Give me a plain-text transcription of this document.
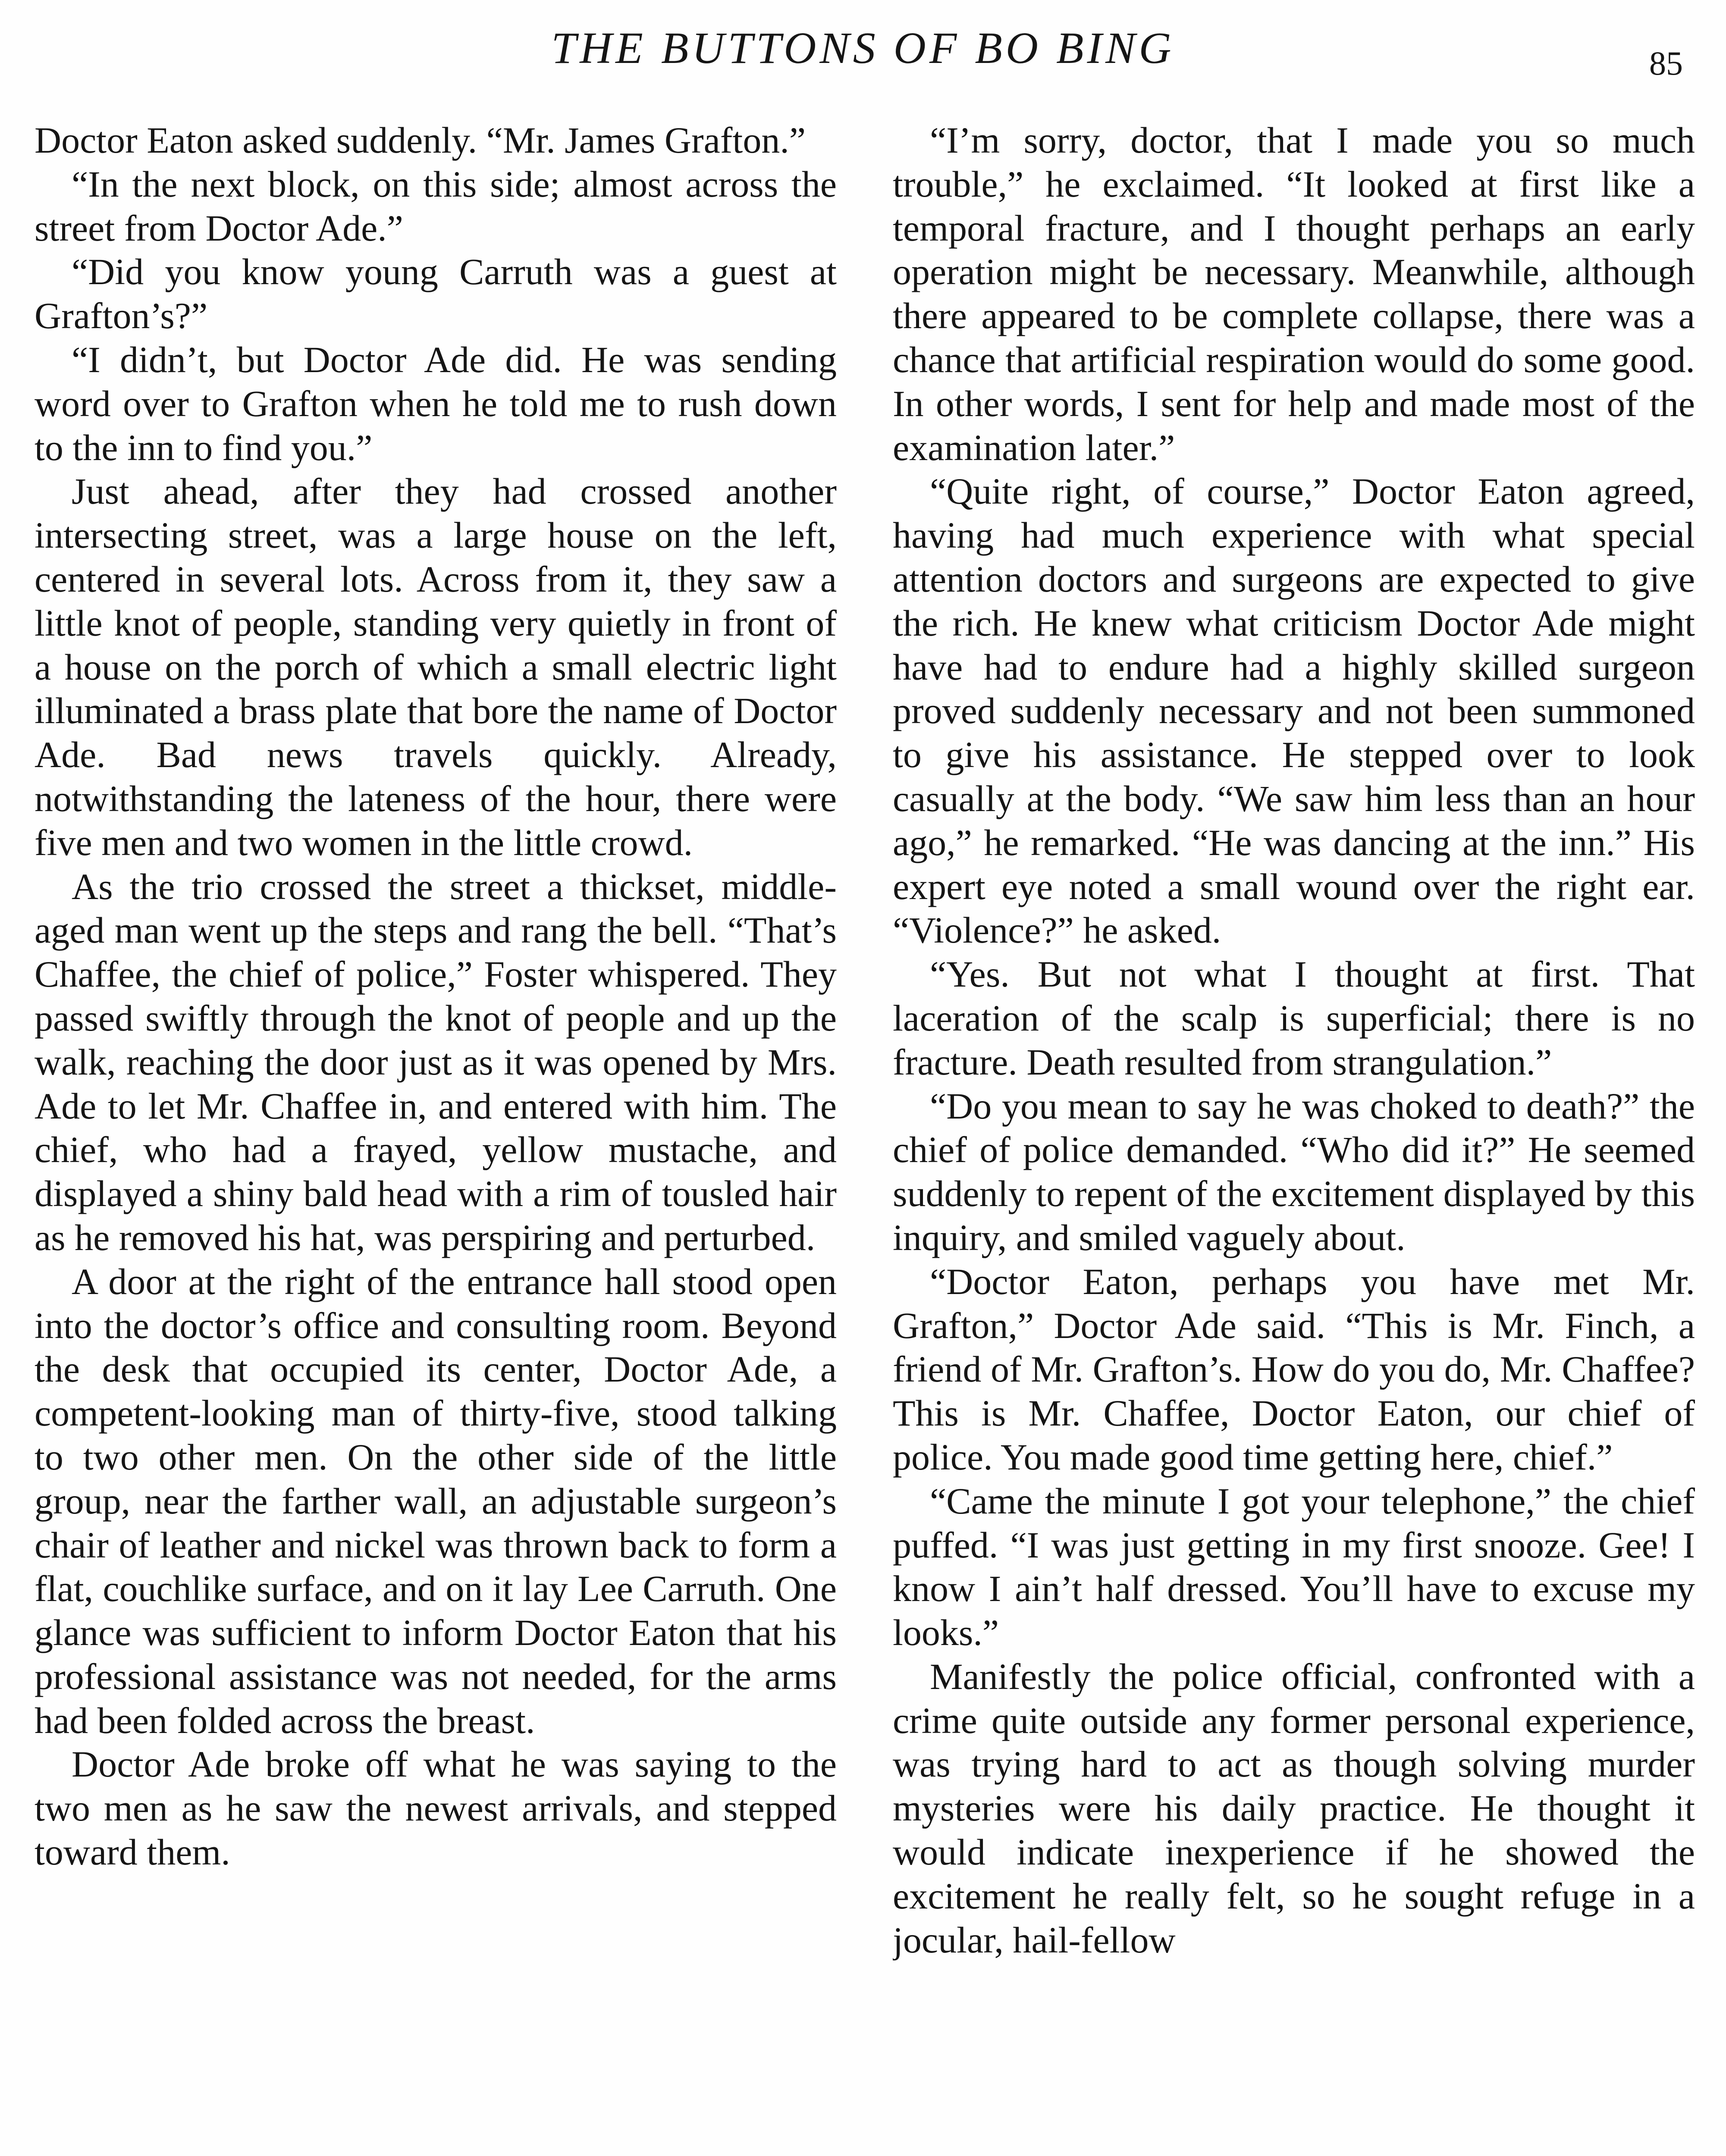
THE BUTTONS OF BO BING	85

Doctor Eaton asked suddenly. “Mr. James Grafton.”

“In the next block, on this side; almost across the street from Doctor Ade.”

“Did you know young Carruth was a guest at Grafton’s?”

“I didn’t, but Doctor Ade did. He was sending word over to Grafton when he told me to rush down to the inn to find you.”

Just ahead, after they had crossed another intersecting street, was a large house on the left, centered in several lots. Across from it, they saw a little knot of people, standing very quietly in front of a house on the porch of which a small electric light illuminated a brass plate that bore the name of Doctor Ade. Bad news travels quickly. Already, notwithstanding the lateness of the hour, there were five men and two women in the little crowd.

As the trio crossed the street a thickset, middle-aged man went up the steps and rang the bell. “That’s Chaffee, the chief of police,” Foster whispered. They passed swiftly through the knot of people and up the walk, reaching the door just as it was opened by Mrs. Ade to let Mr. Chaffee in, and entered with him. The chief, who had a frayed, yellow mustache, and displayed a shiny bald head with a rim of tousled hair as he removed his hat, was perspiring and perturbed.

A door at the right of the entrance hall stood open into the doctor’s office and consulting room. Beyond the desk that occupied its center, Doctor Ade, a competent-looking man of thirty-five, stood talking to two other men. On the other side of the little group, near the farther wall, an adjustable surgeon’s chair of leather and nickel was thrown back to form a flat, couchlike surface, and on it lay Lee Carruth. One glance was sufficient to inform Doctor Eaton that his professional assistance was not needed, for the arms had been folded across the breast.

Doctor Ade broke off what he was saying to the two men as he saw the newest arrivals, and stepped toward them.

“I’m sorry, doctor, that I made you so much trouble,” he exclaimed. “It looked at first like a temporal fracture, and I thought perhaps an early operation might be necessary. Meanwhile, although there appeared to be complete collapse, there was a chance that artificial respiration would do some good. In other words, I sent for help and made most of the examination later.”

“Quite right, of course,” Doctor Eaton agreed, having had much experience with what special attention doctors and surgeons are expected to give the rich. He knew what criticism Doctor Ade might have had to endure had a highly skilled surgeon proved suddenly necessary and not been summoned to give his assistance. He stepped over to look casually at the body. “We saw him less than an hour ago,” he remarked. “He was dancing at the inn.” His expert eye noted a small wound over the right ear. “Violence?” he asked.

“Yes. But not what I thought at first. That laceration of the scalp is superficial; there is no fracture. Death resulted from strangulation.”

“Do you mean to say he was choked to death?” the chief of police demanded. “Who did it?” He seemed suddenly to repent of the excitement displayed by this inquiry, and smiled vaguely about.

“Doctor Eaton, perhaps you have met Mr. Grafton,” Doctor Ade said. “This is Mr. Finch, a friend of Mr. Grafton’s. How do you do, Mr. Chaffee? This is Mr. Chaffee, Doctor Eaton, our chief of police. You made good time getting here, chief.”

“Came the minute I got your telephone,” the chief puffed. “I was just getting in my first snooze. Gee! I know I ain’t half dressed. You’ll have to excuse my looks.”

Manifestly the police official, confronted with a crime quite outside any former personal experience, was trying hard to act as though solving murder mysteries were his daily practice. He thought it would indicate inexperience if he showed the excitement he really felt, so he sought refuge in a jocular, hail-fellow
